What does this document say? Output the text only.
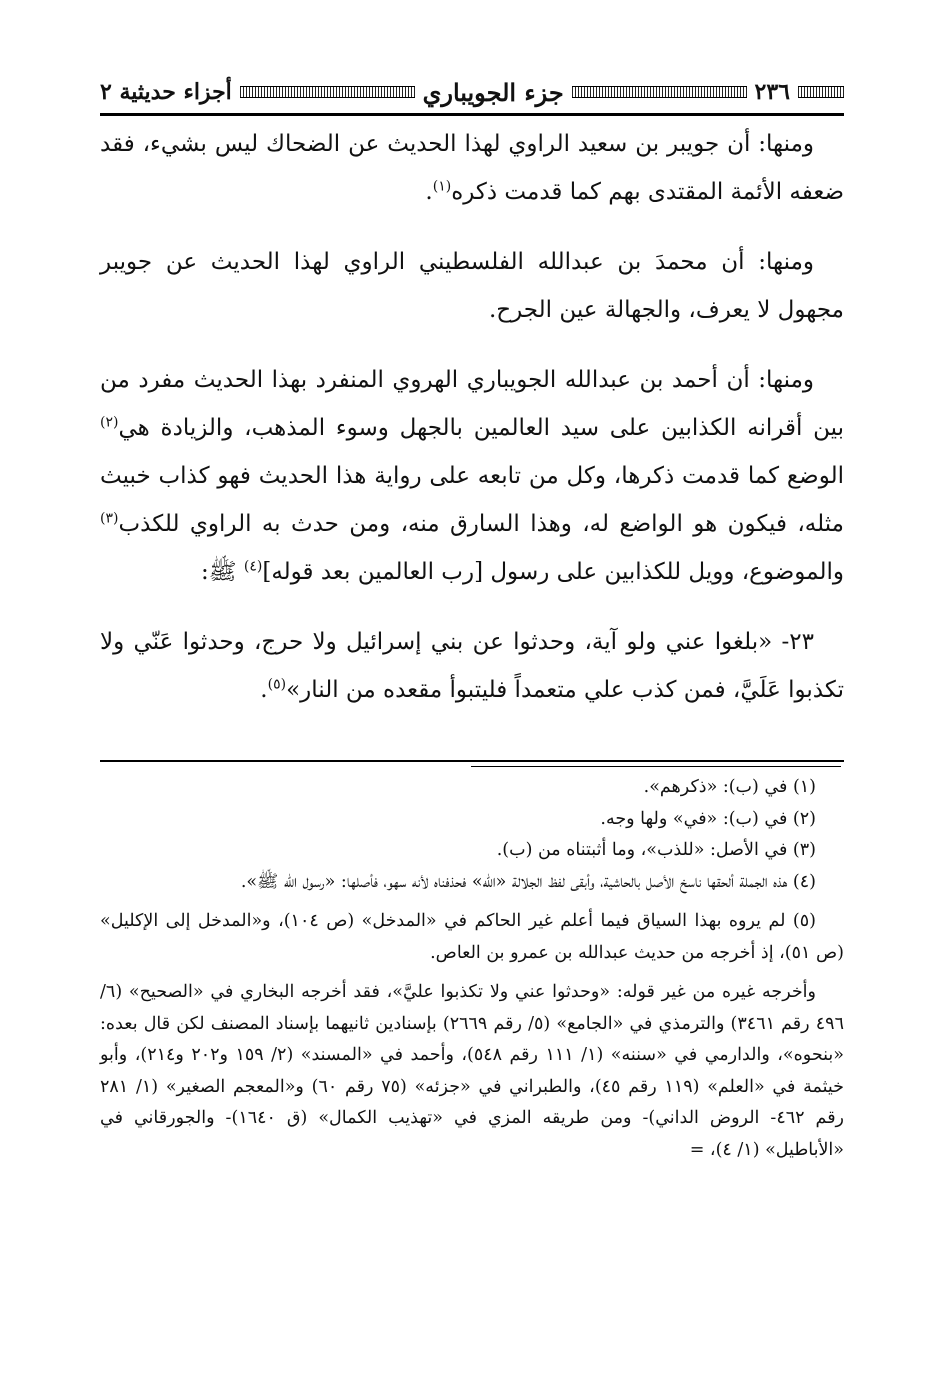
٢٣٦
جزء الجويباري
أجزاء حديثية ٢

ومنها: أن جويبر بن سعيد الراوي لهذا الحديث عن الضحاك ليس بشيء، فقد ضعفه الأئمة المقتدى بهم كما قدمت ذكره$^{(١)}$.

ومنها: أن محمدَ بن عبدالله الفلسطيني الراوي لهذا الحديث عن جويبر مجهول لا يعرف، والجهالة عين الجرح.

ومنها: أن أحمد بن عبدالله الجويباري الهروي المنفرد بهذا الحديث مفرد من بين أقرانه الكذابين على سيد العالمين بالجهل وسوء المذهب، والزيادة هي$^{(٢)}$ الوضع كما قدمت ذكرها، وكل من تابعه على رواية هذا الحديث فهو كذاب خبيث مثله، فيكون هو الواضع له، وهذا السارق منه، ومن حدث به الراوي للكذب$^{(٣)}$ والموضوع، وويل للكذابين على رسول [رب العالمين بعد قوله]$^{(٤)}$ ﷺ:

٢٣- «بلغوا عني ولو آية، وحدثوا عن بني إسرائيل ولا حرج، وحدثوا عَنّي ولا تكذبوا عَلَيَّ، فمن كذب علي متعمداً فليتبوأ مقعده من النار»$^{(٥)}$.

(١) في (ب): «ذكرهم».

(٢) في (ب): «في» ولها وجه.

(٣) في الأصل: «للذب»، وما أثبتناه من (ب).

(٤) هذه الجملة ألحقها ناسخ الأصل بالحاشية، وأبقى لفظ الجلالة «الله» فحذفناه لأنه سهو، فأصلها: «رسول الله ﷺ».

(٥) لم يروه بهذا السياق فيما أعلم غير الحاكم في «المدخل» (ص ١٠٤)، و«المدخل إلى الإكليل» (ص ٥١)، إذ أخرجه من حديث عبدالله بن عمرو بن العاص.

وأخرجه غيره من غير قوله: «وحدثوا عني ولا تكذبوا عليَّ»، فقد أخرجه البخاري في «الصحيح» (٦/ ٤٩٦ رقم ٣٤٦١) والترمذي في «الجامع» (٥/ رقم ٢٦٦٩) بإسنادين ثانيهما بإسناد المصنف لكن قال بعده: «بنحوه»، والدارمي في «سننه» (١/ ١١١ رقم ٥٤٨)، وأحمد في «المسند» (٢/ ١٥٩ و٢٠٢ و٢١٤)، وأبو خيثمة في «العلم» (١١٩ رقم ٤٥)، والطبراني في «جزئه» (٧٥ رقم ٦٠) و«المعجم الصغير» (١/ ٢٨١ رقم ٤٦٢- الروض الداني)- ومن طريقه المزي في «تهذيب الكمال» (ق ١٦٤٠)- والجورقاني في «الأباطيل» (١/ ٤)، =
